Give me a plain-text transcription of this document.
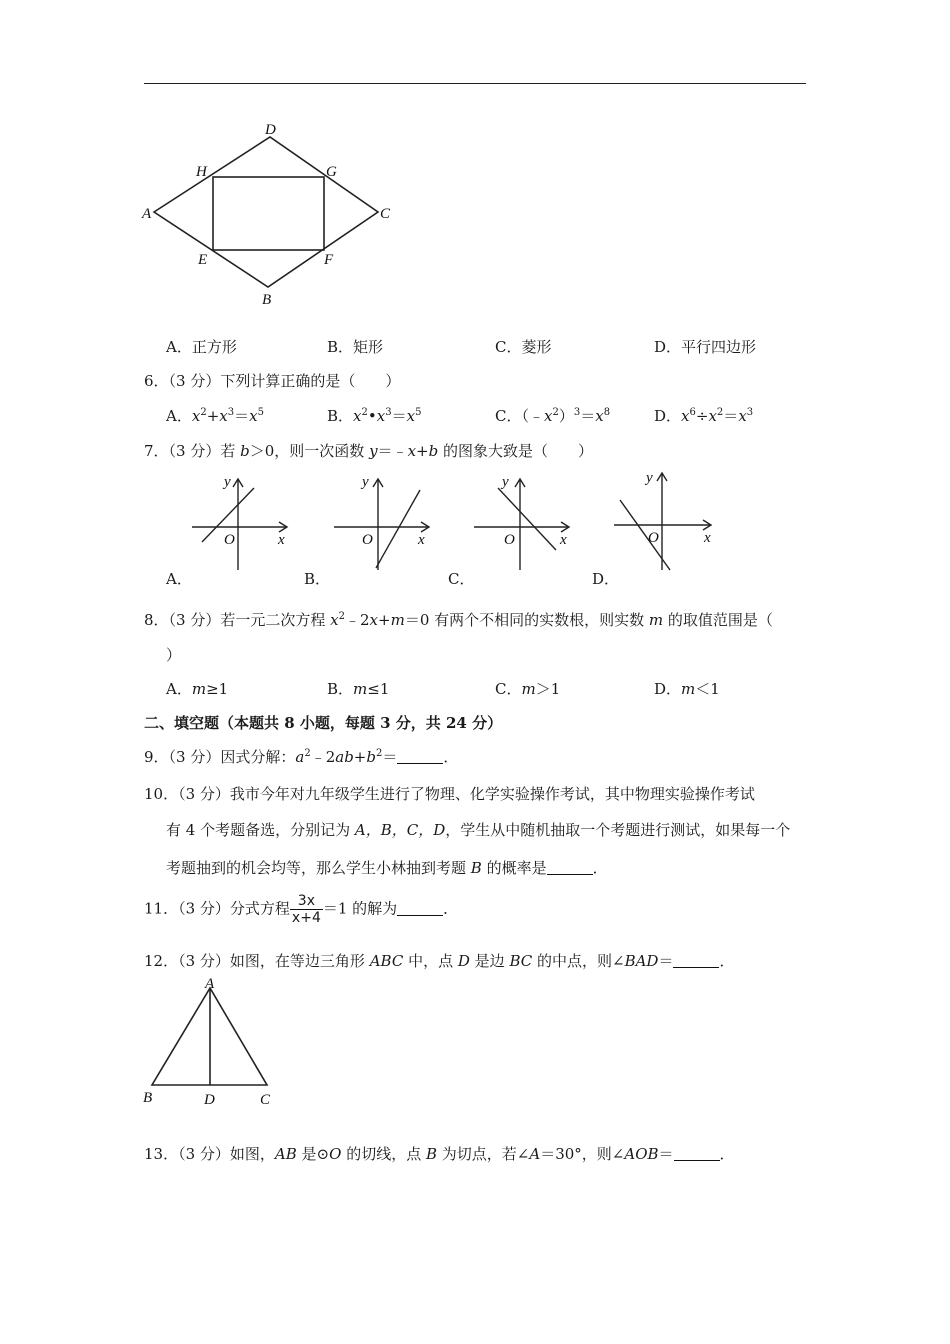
D
H	G
A	C
E	F
B
A．正方形	B．矩形	C．菱形	D．平行四边形
6．（3 分）下列计算正确的是（　　）
A．$x^2+x^3=x^5$	B．$x^2•x^3=x^5$	C．$(﹣x^2)^3=x^8$	D．$x^6\div x^2=x^3$
7．（3 分）若 b＞0，则一次函数 y＝﹣x+b 的图象大致是（　　）
y
O	x
y
O	x
y
O	x
y
O	x
A．	B．	C．	D．
8．（3 分）若一元二次方程 $x^2﹣2x+m=0$ 有两个不相同的实数根，则实数 m 的取值范围是（
）
A．m≥1	B．m≤1	C．m＞1	D．m＜1
二、填空题（本题共 8 小题，每题 3 分，共 24 分）
9．（3 分）因式分解：$a^2﹣2ab+b^2=$	．
10．（3 分）我市今年对九年级学生进行了物理、化学实验操作考试，其中物理实验操作考试
有 4 个考题备选，分别记为 A，B，C，D，学生从中随机抽取一个考题进行测试，如果每一个
考题抽到的机会均等，那么学生小林抽到考题 B 的概率是	．
11．（3 分）分式方程 $\frac{3x}{x+4} =1$ 的解为	．
12．（3 分）如图，在等边三角形 ABC 中，点 D 是边 BC 的中点，则∠BAD＝	．
A
B	D	C
13．（3 分）如图，AB 是⊙O 的切线，点 B 为切点，若∠A＝30°，则∠AOB＝	．
